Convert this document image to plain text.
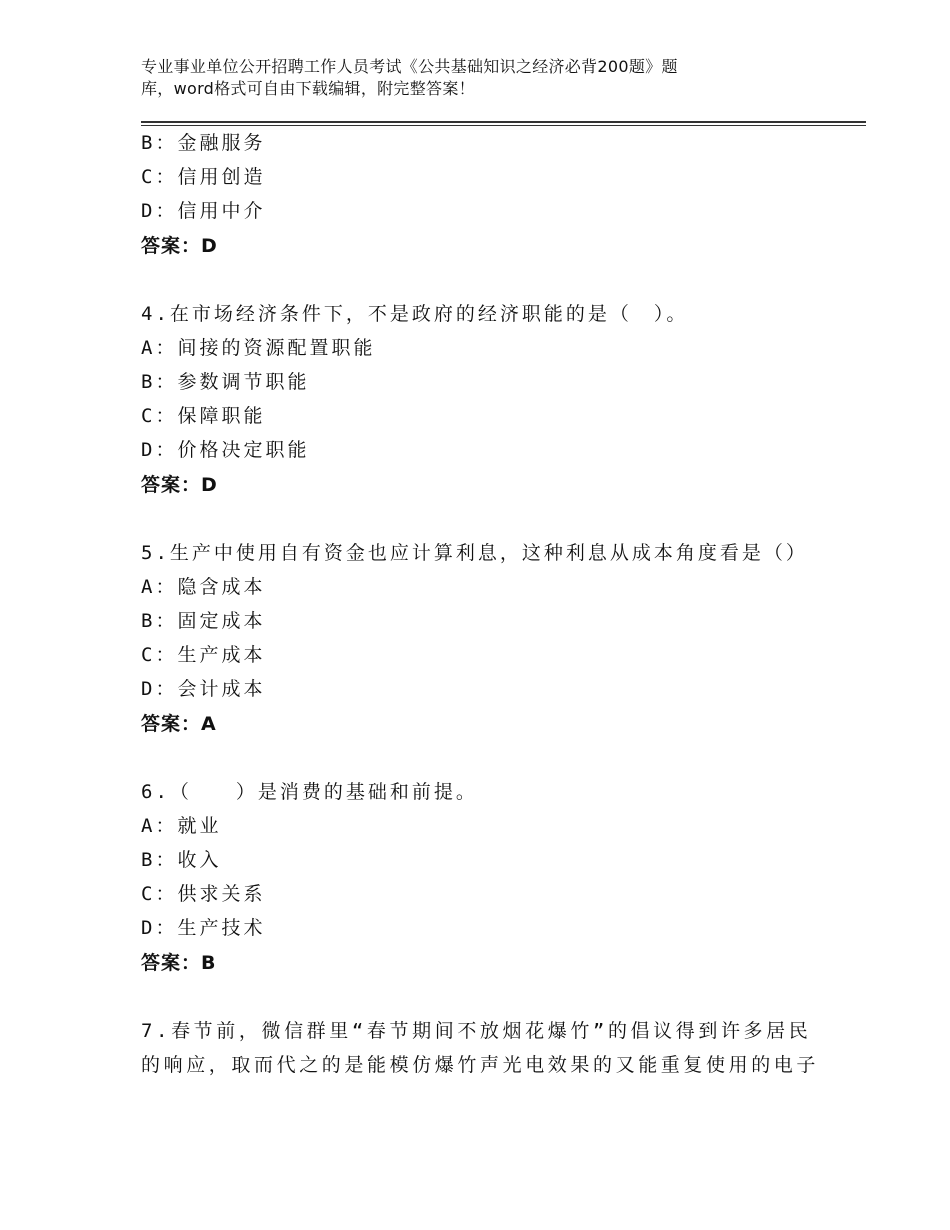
专业事业单位公开招聘工作人员考试《公共基础知识之经济必背200题》题
库，word格式可自由下载编辑，附完整答案！
B：金融服务
C：信用创造
D：信用中介
答案：D
4.在市场经济条件下，不是政府的经济职能的是（　）。
A：间接的资源配置职能
B：参数调节职能
C：保障职能
D：价格决定职能
答案：D
5.生产中使用自有资金也应计算利息，这种利息从成本角度看是（）
A：隐含成本
B：固定成本
C：生产成本
D：会计成本
答案：A
6.（　　）是消费的基础和前提。
A：就业
B：收入
C：供求关系
D：生产技术
答案：B
7.春节前，微信群里“春节期间不放烟花爆竹”的倡议得到许多居民
的响应，取而代之的是能模仿爆竹声光电效果的又能重复使用的电子
